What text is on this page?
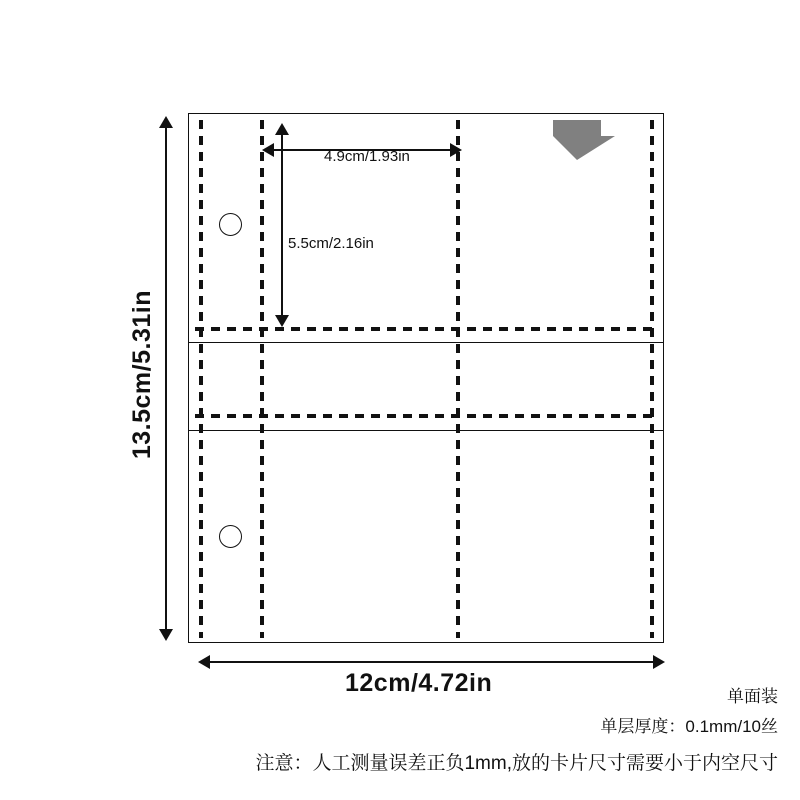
4.9cm/1.93in
5.5cm/2.16in
13.5cm/5.31in
12cm/4.72in	单面装
单层厚度：0.1mm/10丝
注意：人工测量误差正负1mm,放的卡片尺寸需要小于内空尺寸
